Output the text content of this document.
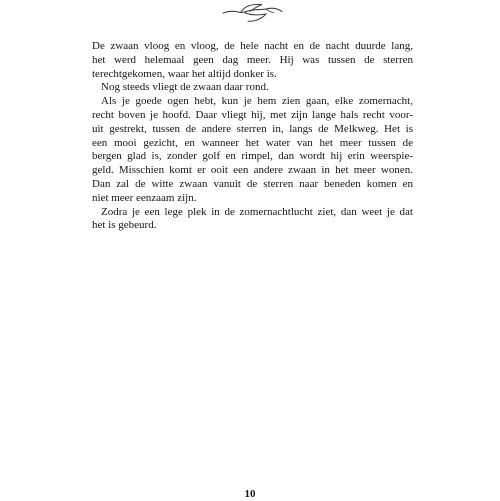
De zwaan vloog en vloog, de hele nacht en de nacht duurde lang,
het werd helemaal geen dag meer. Hij was tussen de sterren
terechtgekomen, waar het altijd donker is.
Nog steeds vliegt de zwaan daar rond.
Als je goede ogen hebt, kun je hem zien gaan, elke zomernacht,
recht boven je hoofd. Daar vliegt hij, met zijn lange hals recht voor-
uit gestrekt, tussen de andere sterren in, langs de Melkweg. Het is
een mooi gezicht, en wanneer het water van het meer tussen de
bergen glad is, zonder golf en rimpel, dan wordt hij erin weerspie-
geld. Misschien komt er ooit een andere zwaan in het meer wonen.
Dan zal de witte zwaan vanuit de sterren naar beneden komen en
niet meer eenzaam zijn.
Zodra je een lege plek in de zomernachtlucht ziet, dan weet je dat
het is gebeurd.
10
